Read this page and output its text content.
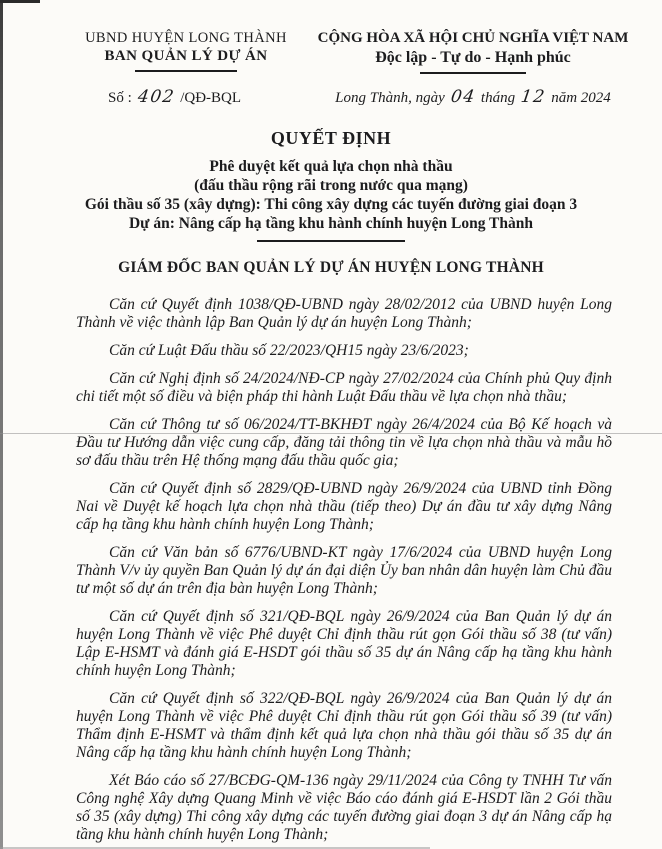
UBND HUYỆN LONG THÀNH
BAN QUẢN LÝ DỰ ÁN
Số : 402 /QĐ-BQL
CỘNG HÒA XÃ HỘI CHỦ NGHĨA VIỆT NAM
Độc lập - Tự do - Hạnh phúc
Long Thành, ngày 04 tháng 12 năm 2024
QUYẾT ĐỊNH
Phê duyệt kết quả lựa chọn nhà thầu
(đấu thầu rộng rãi trong nước qua mạng)
Gói thầu số 35 (xây dựng): Thi công xây dựng các tuyến đường giai đoạn 3
Dự án: Nâng cấp hạ tầng khu hành chính huyện Long Thành
GIÁM ĐỐC BAN QUẢN LÝ DỰ ÁN HUYỆN LONG THÀNH

Căn cứ Quyết định 1038/QĐ-UBND ngày 28/02/2012 của UBND huyện Long Thành về việc thành lập Ban Quản lý dự án huyện Long Thành;

Căn cứ Luật Đấu thầu số 22/2023/QH15 ngày 23/6/2023;

Căn cứ Nghị định số 24/2024/NĐ-CP ngày 27/02/2024 của Chính phủ Quy định chi tiết một số điều và biện pháp thi hành Luật Đấu thầu về lựa chọn nhà thầu;

Căn cứ Thông tư số 06/2024/TT-BKHĐT ngày 26/4/2024 của Bộ Kế hoạch và Đầu tư Hướng dẫn việc cung cấp, đăng tải thông tin về lựa chọn nhà thầu và mẫu hồ sơ đấu thầu trên Hệ thống mạng đấu thầu quốc gia;

Căn cứ Quyết định số 2829/QĐ-UBND ngày 26/9/2024 của UBND tỉnh Đồng Nai về Duyệt kế hoạch lựa chọn nhà thầu (tiếp theo) Dự án đầu tư xây dựng Nâng cấp hạ tầng khu hành chính huyện Long Thành;

Căn cứ Văn bản số 6776/UBND-KT ngày 17/6/2024 của UBND huyện Long Thành V/v ủy quyền Ban Quản lý dự án đại diện Ủy ban nhân dân huyện làm Chủ đầu tư một số dự án trên địa bàn huyện Long Thành;

Căn cứ Quyết định số 321/QĐ-BQL ngày 26/9/2024 của Ban Quản lý dự án huyện Long Thành về việc Phê duyệt Chỉ định thầu rút gọn Gói thầu số 38 (tư vấn) Lập E-HSMT và đánh giá E-HSDT gói thầu số 35 dự án Nâng cấp hạ tầng khu hành chính huyện Long Thành;

Căn cứ Quyết định số 322/QĐ-BQL ngày 26/9/2024 của Ban Quản lý dự án huyện Long Thành về việc Phê duyệt Chỉ định thầu rút gọn Gói thầu số 39 (tư vấn) Thẩm định E-HSMT và thẩm định kết quả lựa chọn nhà thầu gói thầu số 35 dự án Nâng cấp hạ tầng khu hành chính huyện Long Thành;

Xét Báo cáo số 27/BCĐG-QM-136 ngày 29/11/2024 của Công ty TNHH Tư vấn Công nghệ Xây dựng Quang Minh về việc Báo cáo đánh giá E-HSDT lần 2 Gói thầu số 35 (xây dựng) Thi công xây dựng các tuyến đường giai đoạn 3 dự án Nâng cấp hạ tầng khu hành chính huyện Long Thành;
